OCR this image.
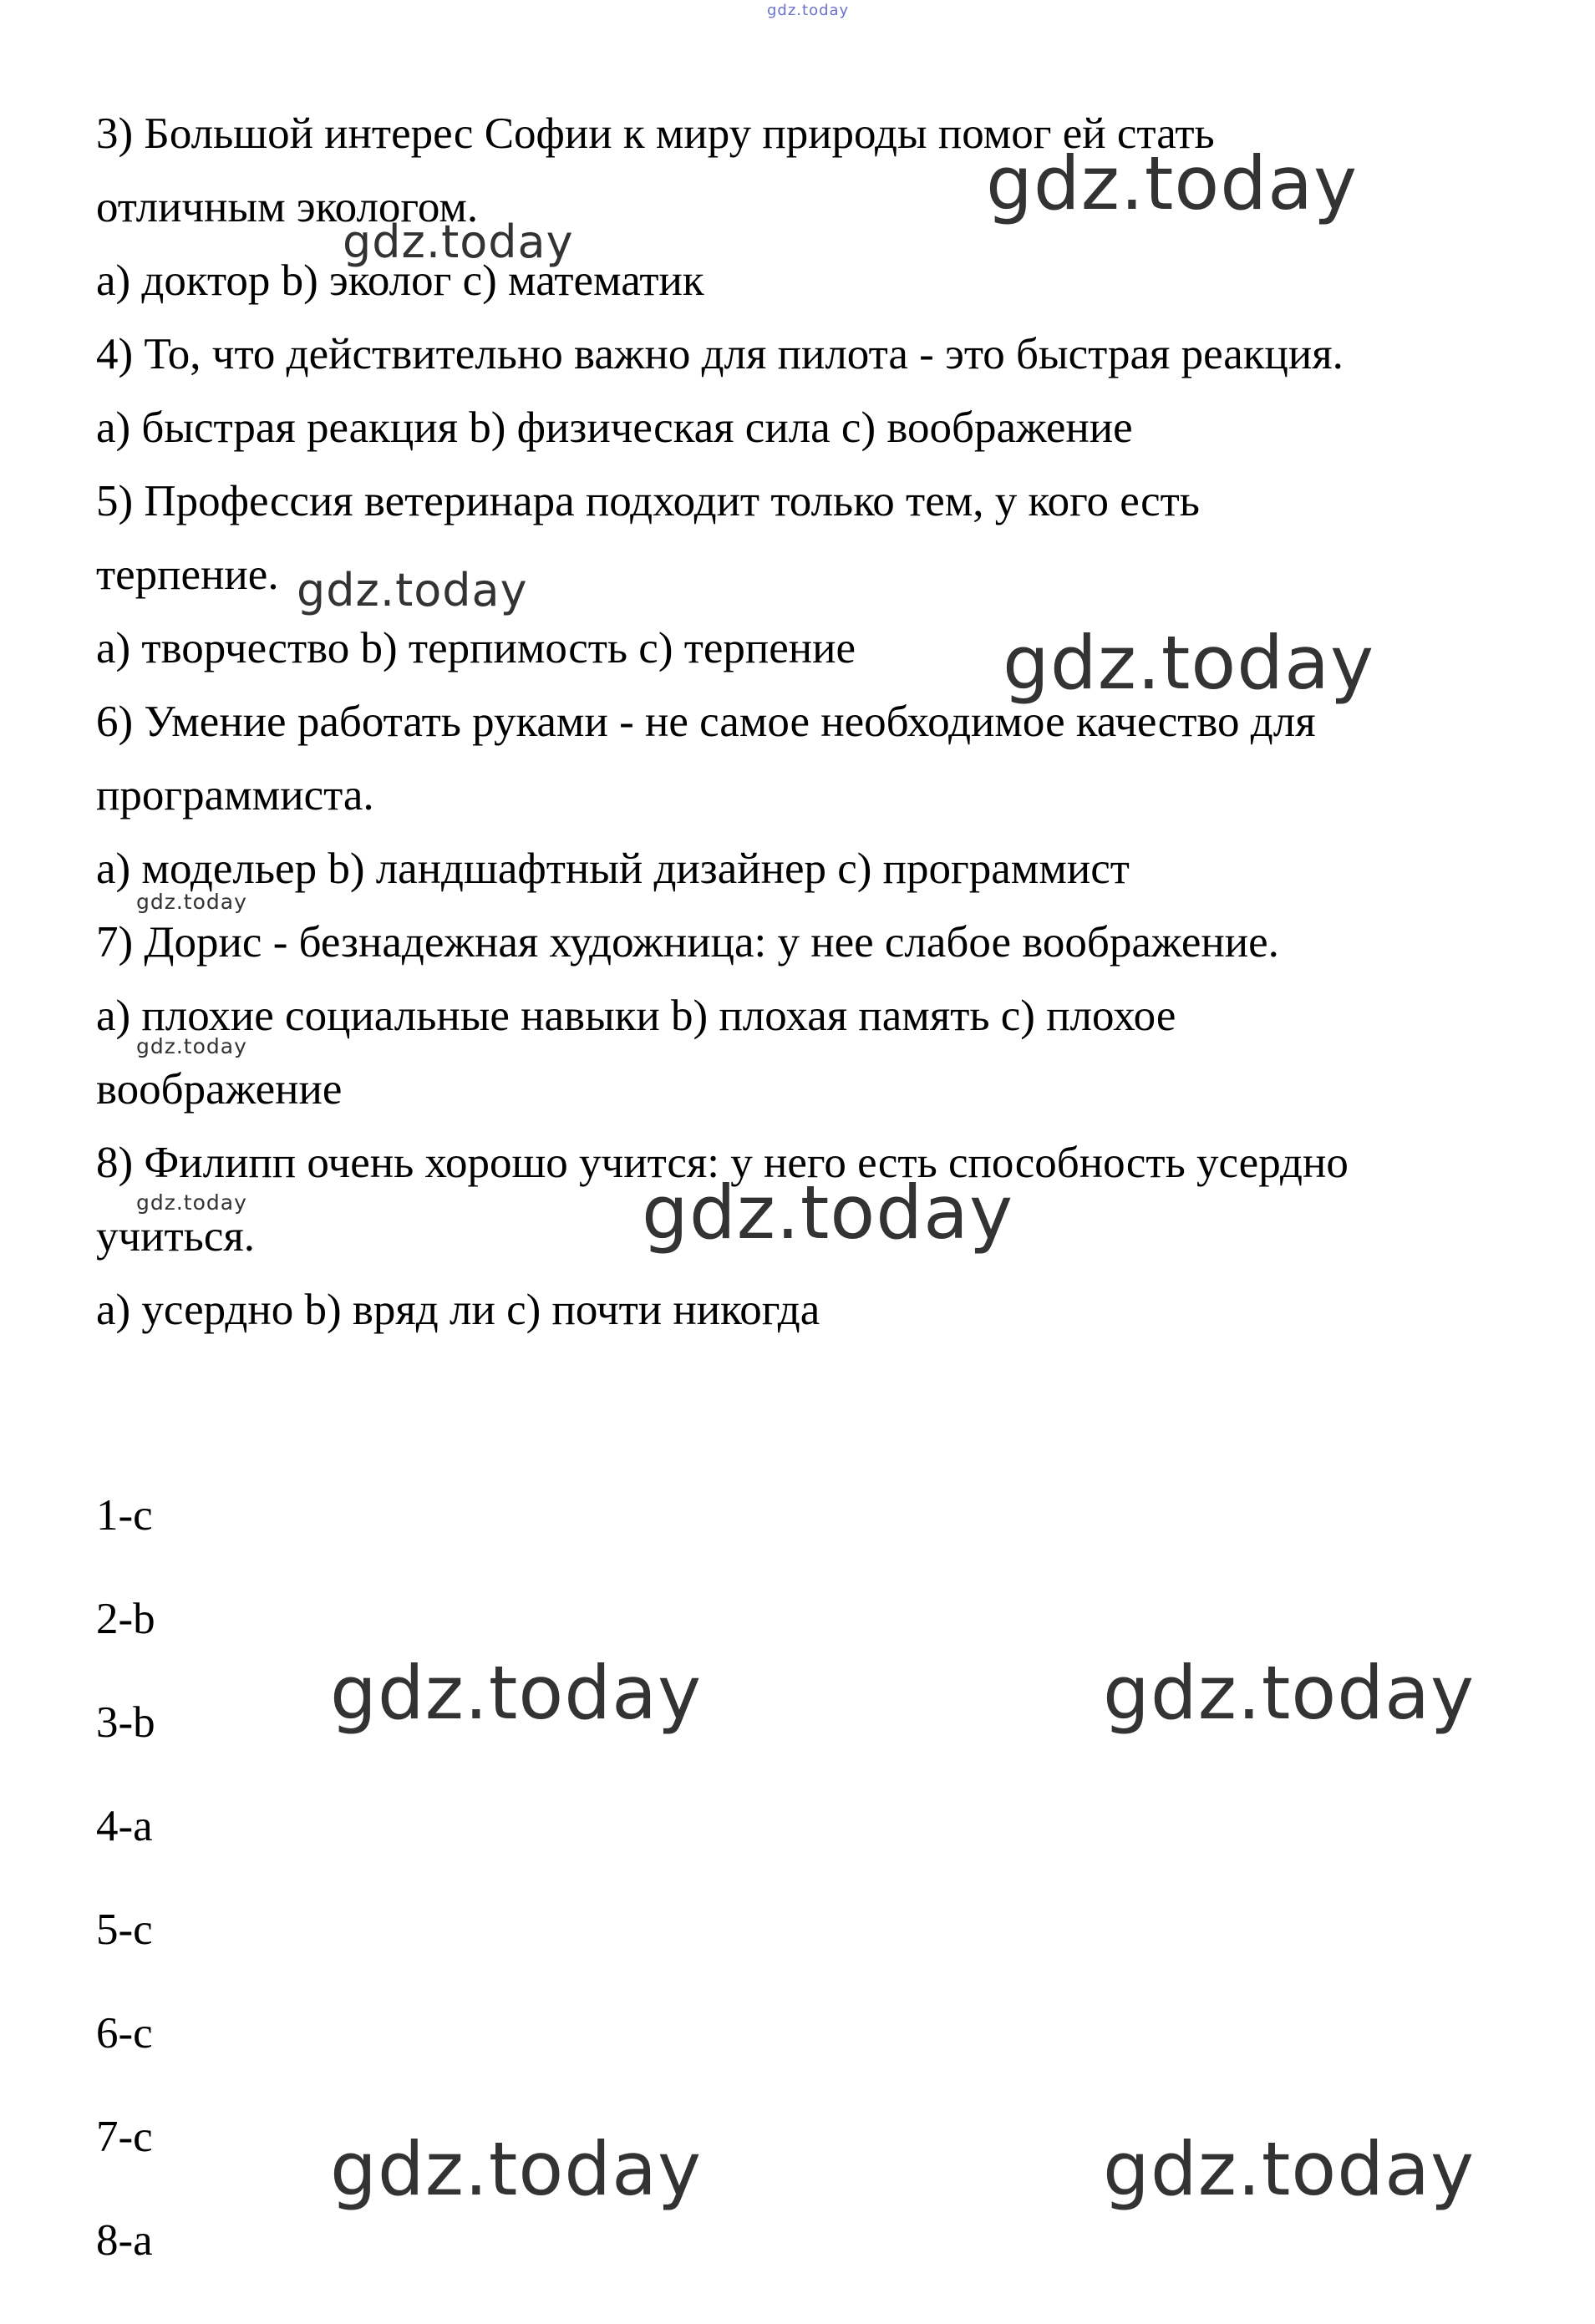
gdz.today

3) Большой интерес Софии к миру природы помог ей стать

отличным экологом.

а) доктор b) эколог с) математик

4) То, что действительно важно для пилота - это быстрая реакция.

а) быстрая реакция b) физическая сила с) воображение

5) Профессия ветеринара подходит только тем, у кого есть

терпение.

а) творчество b) терпимость с) терпение

6) Умение работать руками - не самое необходимое качество для

программиста.

а) модельер b) ландшафтный дизайнер с) программист

7) Дорис - безнадежная художница: у нее слабое воображение.

а) плохие социальные навыки b) плохая память с) плохое

воображение

8) Филипп очень хорошо учится: у него есть способность усердно

учиться.

а) усердно b) вряд ли с) почти никогда

1-c

2-b

3-b

4-a

5-c

6-c

7-c

8-a

gdz.today
gdz.today
gdz.today
gdz.today
gdz.today
gdz.today
gdz.today	gdz.today
gdz.today	gdz.today
gdz.today	gdz.today
